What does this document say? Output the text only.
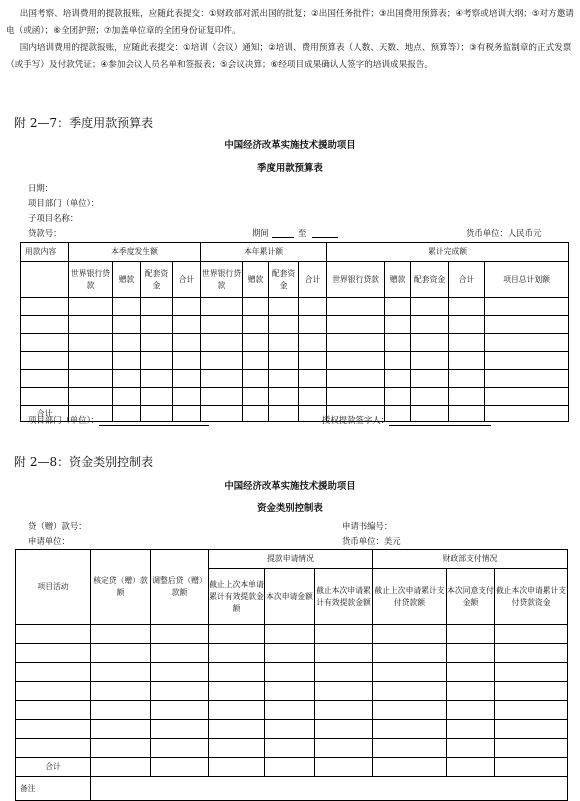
出国考察、培训费用的提款报账，应随此表提交：①财政部对派出国的批复；②出国任务批件；③出国费用预算表；④考察或培训大纲；⑤对方邀请电（或函）；⑥全团护照；⑦加盖单位章的全团身份证复印件。

国内培训费用的提款报账，应随此表提交：①培训（会议）通知；②培训、费用预算表（人数、天数、地点、预算等）；③有税务监制章的正式发票（或手写）及付款凭证；④参加会议人员名单和签报表；⑤会议决算；⑥经项目成果确认人签字的培训成果报告。

附 2—7：季度用款预算表
中国经济改革实施技术援助项目
季度用款预算表
日期：
项目部门（单位）：
子项目名称：
贷款号：	期间
	至
	货币单位：人民币元
用款内容	本季度发生额				本年累计额				累计完成额				
	世界银行贷款	赠款	配套资金	合计	世界银行贷款	赠款	配套资金	合计	世界银行贷款	赠款	配套资金	合计	项目总计划额

合计													
项目部门（单位）：	授权提款签字人：
附 2—8：资金类别控制表
中国经济改革实施技术援助项目
资金类别控制表
贷（赠）款号：	申请书编号：
申请单位：	货币单位：美元
项目活动	核定贷（赠）款额	调整后贷（赠）款额	提款申请情况			财政部支付情况		
			截止上次本单请累计有效提款金额	本次申请金额	截止本次申请累计有效提款金额	截止上次申请累计支付贷款额	本次同意支付金额	截止本次申请累计支付贷款资金

合计								
备注								
